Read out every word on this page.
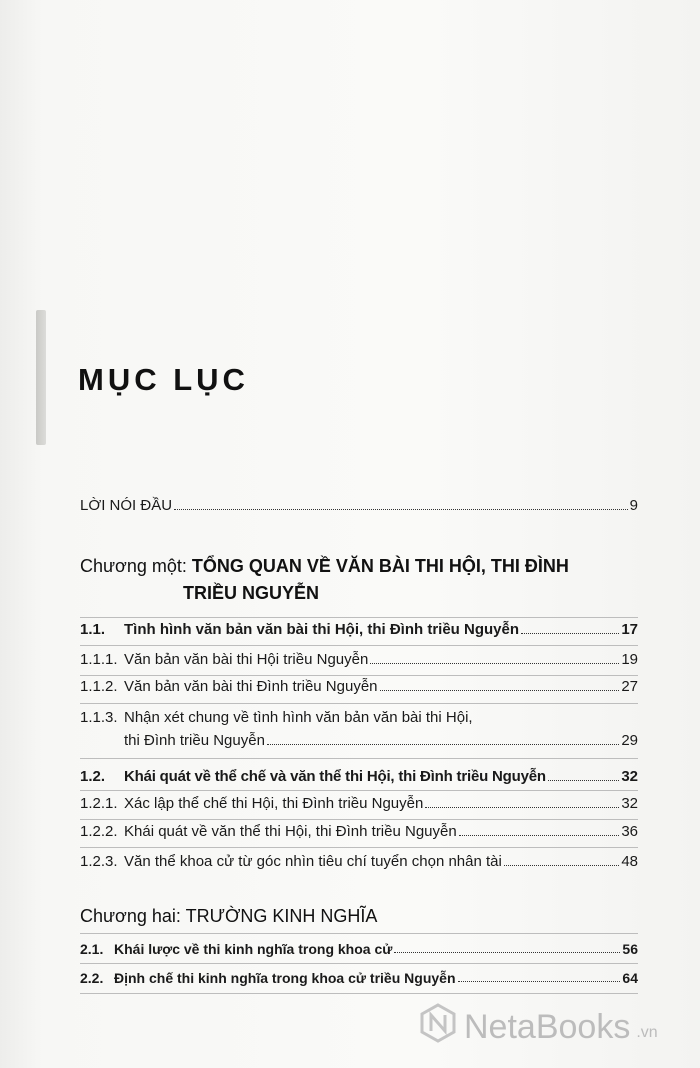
MỤC LỤC
LỜI NÓI ĐẦU	9
Chương một: TỔNG QUAN VỀ VĂN BÀI THI HỘI, THI ĐÌNH
TRIỀU NGUYỄN
1.1.	Tình hình văn bản văn bài thi Hội, thi Đình triều Nguyễn	17
1.1.1. Văn bản văn bài thi Hội triều Nguyễn	19
1.1.2. Văn bản văn bài thi Đình triều Nguyễn	27
1.1.3. Nhận xét chung về tình hình văn bản văn bài thi Hội,
thi Đình triều Nguyễn	29
1.2.	Khái quát về thể chế và văn thể thi Hội, thi Đình triều Nguyễn	32
1.2.1. Xác lập thể chế thi Hội, thi Đình triều Nguyễn	32
1.2.2. Khái quát về văn thể thi Hội, thi Đình triều Nguyễn	36
1.2.3. Văn thể khoa cử từ góc nhìn tiêu chí tuyển chọn nhân tài	48
Chương hai: TRƯỜNG KINH NGHĨA
2.1. Khái lược về thi kinh nghĩa trong khoa cử	56
2.2. Định chế thi kinh nghĩa trong khoa cử triều Nguyễn	64
NetaBooks .vn
